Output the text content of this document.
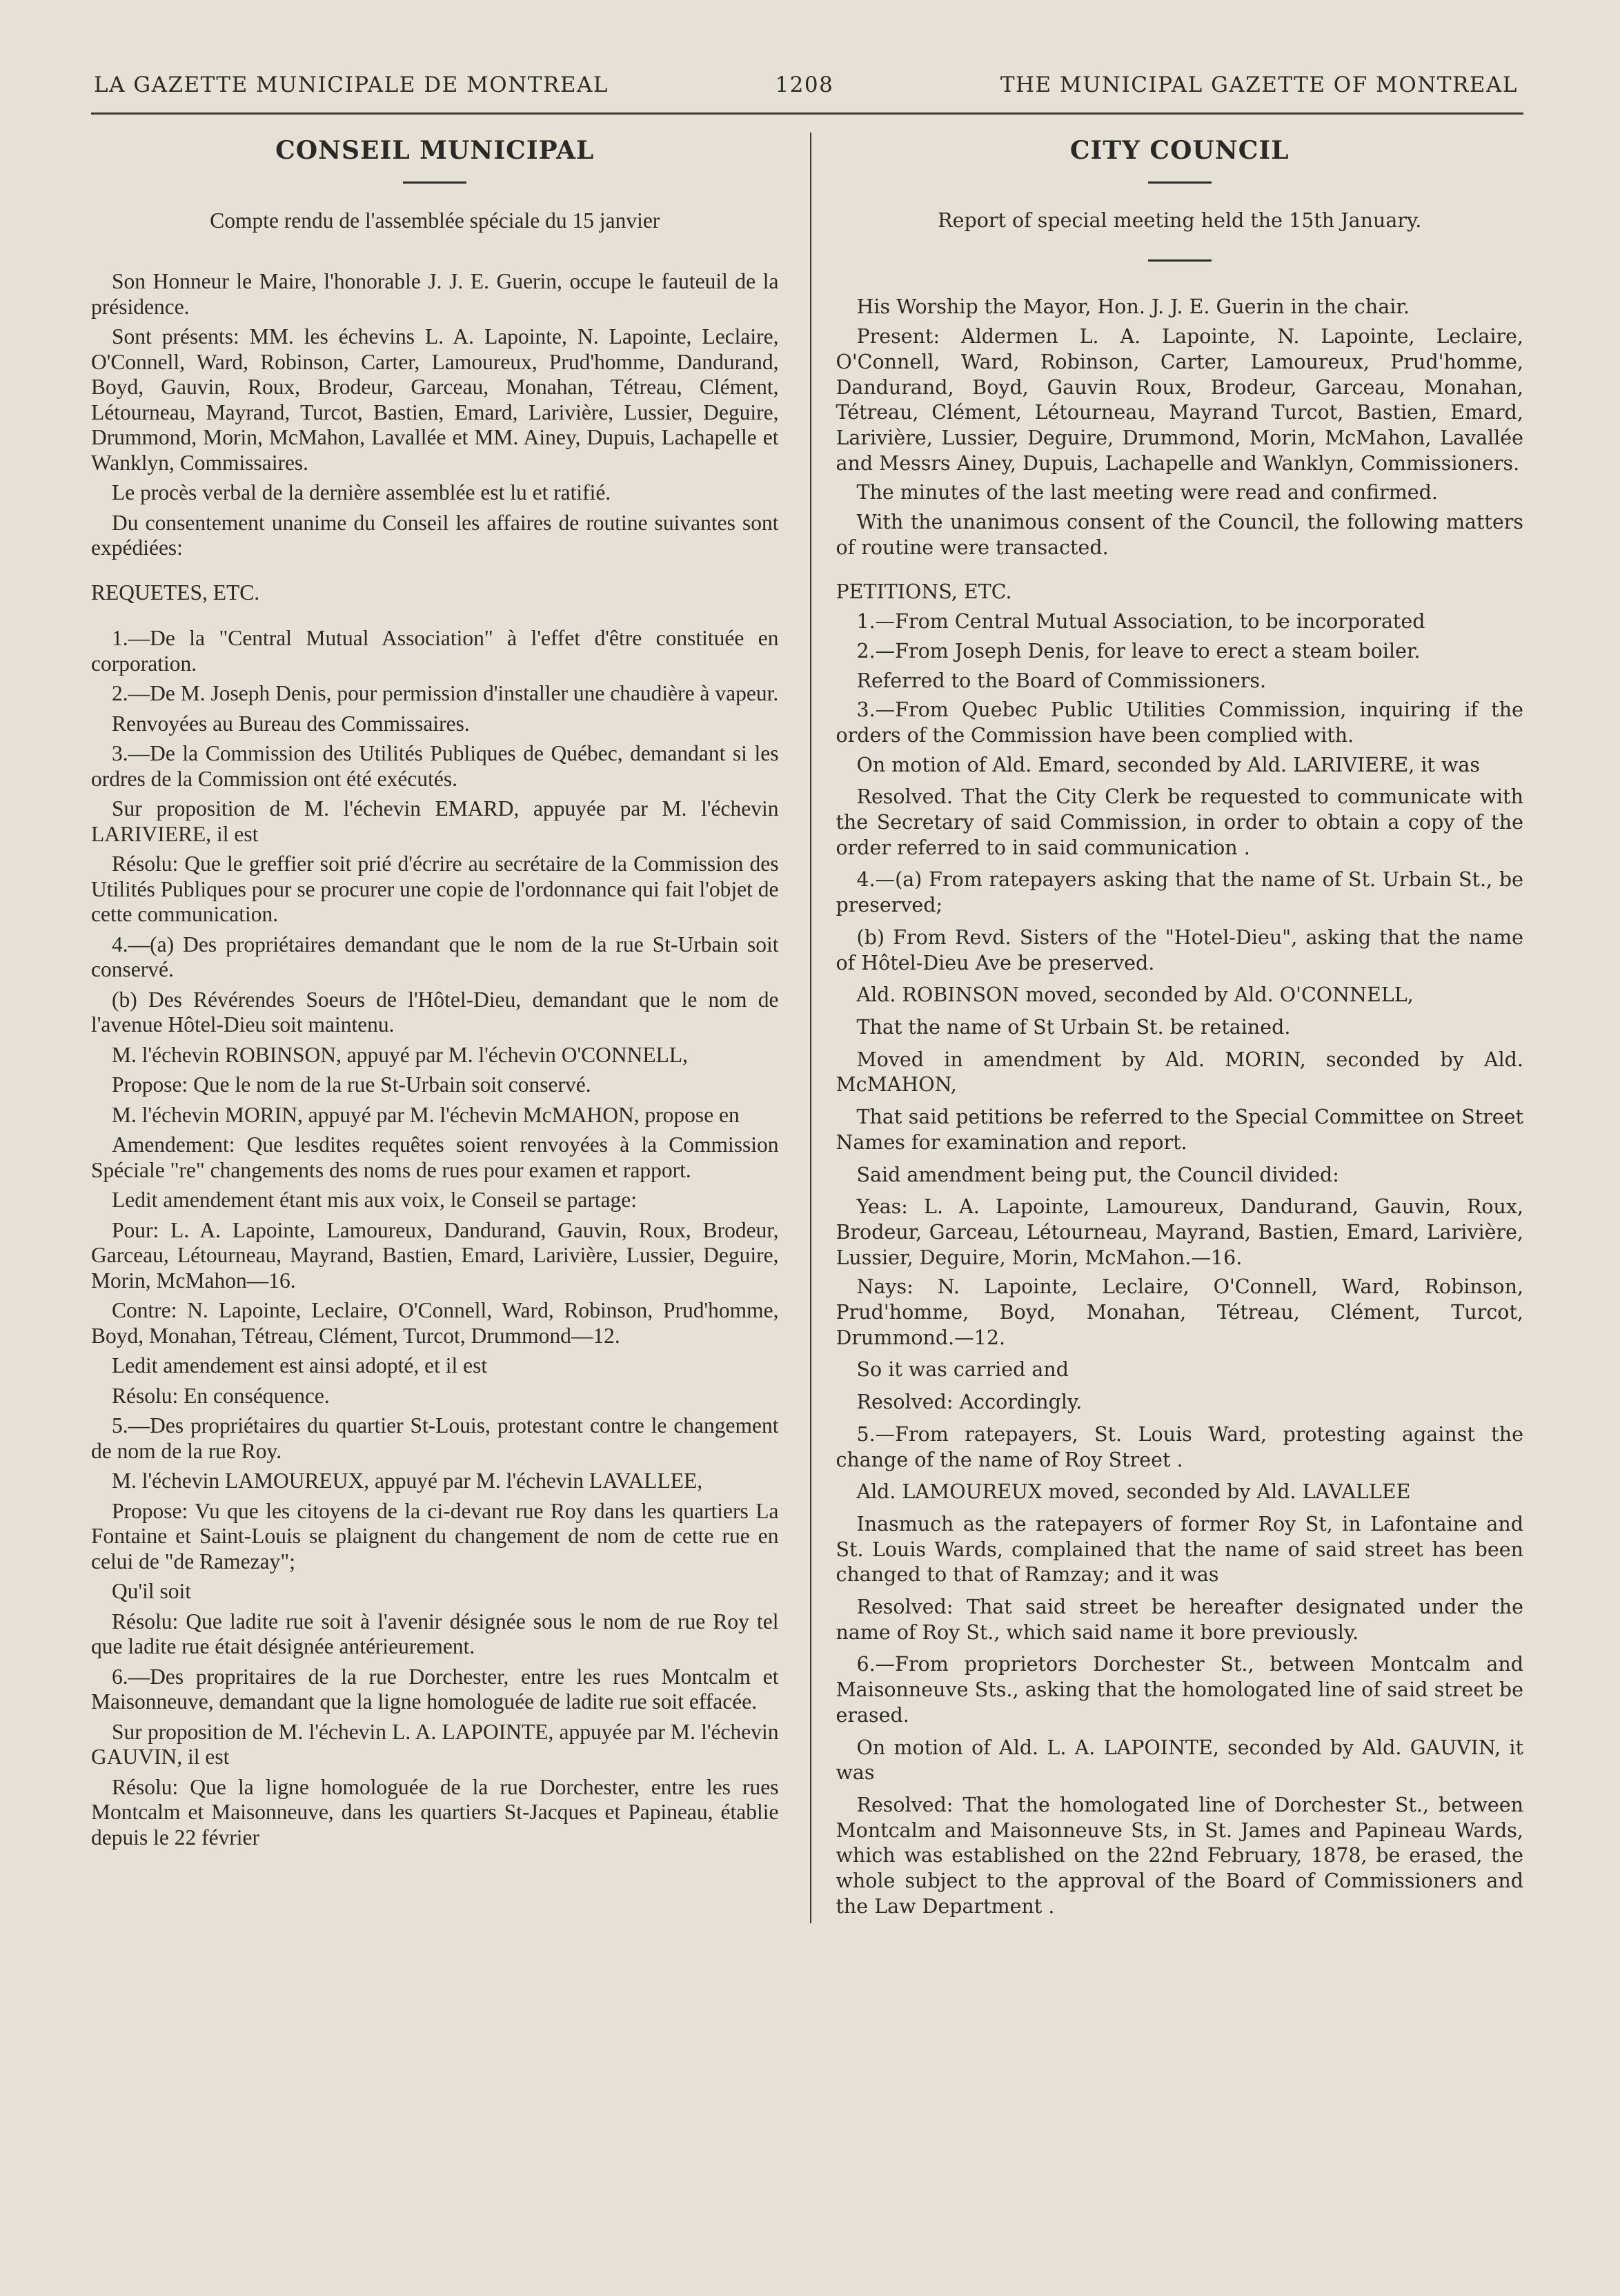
LA GAZETTE MUNICIPALE DE MONTREAL	1208	THE MUNICIPAL GAZETTE OF MONTREAL
CONSEIL MUNICIPAL

Compte rendu de l'assemblée spéciale du 15 janvier

Son Honneur le Maire, l'honorable J. J. E. Guerin, occupe le fauteuil de la présidence.

Sont présents: MM. les échevins L. A. Lapointe, N. Lapointe, Leclaire, O'Connell, Ward, Robinson, Carter, Lamoureux, Prud'homme, Dandurand, Boyd, Gauvin, Roux, Brodeur, Garceau, Monahan, Tétreau, Clément, Létourneau, Mayrand, Turcot, Bastien, Emard, Larivière, Lussier, Deguire, Drummond, Morin, McMahon, Lavallée et MM. Ainey, Dupuis, Lachapelle et Wanklyn, Commissaires.

Le procès verbal de la dernière assemblée est lu et ratifié.

Du consentement unanime du Conseil les affaires de routine suivantes sont expédiées:

REQUETES, ETC.

1.—De la "Central Mutual Association" à l'effet d'être constituée en corporation.

2.—De M. Joseph Denis, pour permission d'installer une chaudière à vapeur.

Renvoyées au Bureau des Commissaires.

3.—De la Commission des Utilités Publiques de Québec, demandant si les ordres de la Commission ont été exécutés.

Sur proposition de M. l'échevin EMARD, appuyée par M. l'échevin LARIVIERE, il est

Résolu: Que le greffier soit prié d'écrire au secrétaire de la Commission des Utilités Publiques pour se procurer une copie de l'ordonnance qui fait l'objet de cette communication.

4.—(a) Des propriétaires demandant que le nom de la rue St-Urbain soit conservé.

(b) Des Révérendes Soeurs de l'Hôtel-Dieu, demandant que le nom de l'avenue Hôtel-Dieu soit maintenu.

M. l'échevin ROBINSON, appuyé par M. l'échevin O'CONNELL,

Propose: Que le nom de la rue St-Urbain soit conservé.

M. l'échevin MORIN, appuyé par M. l'échevin McMAHON, propose en

Amendement: Que lesdites requêtes soient renvoyées à la Commission Spéciale "re" changements des noms de rues pour examen et rapport.

Ledit amendement étant mis aux voix, le Conseil se partage:

Pour: L. A. Lapointe, Lamoureux, Dandurand, Gauvin, Roux, Brodeur, Garceau, Létourneau, Mayrand, Bastien, Emard, Larivière, Lussier, Deguire, Morin, McMahon—16.

Contre: N. Lapointe, Leclaire, O'Connell, Ward, Robinson, Prud'homme, Boyd, Monahan, Tétreau, Clément, Turcot, Drummond—12.

Ledit amendement est ainsi adopté, et il est

Résolu: En conséquence.

5.—Des propriétaires du quartier St-Louis, protestant contre le changement de nom de la rue Roy.

M. l'échevin LAMOUREUX, appuyé par M. l'échevin LAVALLEE,

Propose: Vu que les citoyens de la ci-devant rue Roy dans les quartiers La Fontaine et Saint-Louis se plaignent du changement de nom de cette rue en celui de "de Ramezay";

Qu'il soit

Résolu: Que ladite rue soit à l'avenir désignée sous le nom de rue Roy tel que ladite rue était désignée antérieurement.

6.—Des propritaires de la rue Dorchester, entre les rues Montcalm et Maisonneuve, demandant que la ligne homologuée de ladite rue soit effacée.

Sur proposition de M. l'échevin L. A. LAPOINTE, appuyée par M. l'échevin GAUVIN, il est

Résolu: Que la ligne homologuée de la rue Dorchester, entre les rues Montcalm et Maisonneuve, dans les quartiers St-Jacques et Papineau, établie depuis le 22 février

CITY COUNCIL

Report of special meeting held the 15th January.

His Worship the Mayor, Hon. J. J. E. Guerin in the chair.

Present: Aldermen L. A. Lapointe, N. Lapointe, Leclaire, O'Connell, Ward, Robinson, Carter, Lamoureux, Prud'homme, Dandurand, Boyd, Gauvin Roux, Brodeur, Garceau, Monahan, Tétreau, Clément, Létourneau, Mayrand Turcot, Bastien, Emard, Larivière, Lussier, Deguire, Drummond, Morin, McMahon, Lavallée and Messrs Ainey, Dupuis, Lachapelle and Wanklyn, Commissioners.

The minutes of the last meeting were read and confirmed.

With the unanimous consent of the Council, the following matters of routine were transacted.

PETITIONS, ETC.

1.—From Central Mutual Association, to be incorporated

2.—From Joseph Denis, for leave to erect a steam boiler.

Referred to the Board of Commissioners.

3.—From Quebec Public Utilities Commission, inquiring if the orders of the Commission have been complied with.

On motion of Ald. Emard, seconded by Ald. LARIVIERE, it was

Resolved. That the City Clerk be requested to communicate with the Secretary of said Commission, in order to obtain a copy of the order referred to in said communication .

4.—(a) From ratepayers asking that the name of St. Urbain St., be preserved;

(b) From Revd. Sisters of the "Hotel-Dieu", asking that the name of Hôtel-Dieu Ave be preserved.

Ald. ROBINSON moved, seconded by Ald. O'CONNELL,

That the name of St Urbain St. be retained.

Moved in amendment by Ald. MORIN, seconded by Ald. McMAHON,

That said petitions be referred to the Special Committee on Street Names for examination and report.

Said amendment being put, the Council divided:

Yeas: L. A. Lapointe, Lamoureux, Dandurand, Gauvin, Roux, Brodeur, Garceau, Létourneau, Mayrand, Bastien, Emard, Larivière, Lussier, Deguire, Morin, McMahon.—16.

Nays: N. Lapointe, Leclaire, O'Connell, Ward, Robinson, Prud'homme, Boyd, Monahan, Tétreau, Clément, Turcot, Drummond.—12.

So it was carried and

Resolved: Accordingly.

5.—From ratepayers, St. Louis Ward, protesting against the change of the name of Roy Street .

Ald. LAMOUREUX moved, seconded by Ald. LAVALLEE

Inasmuch as the ratepayers of former Roy St, in Lafontaine and St. Louis Wards, complained that the name of said street has been changed to that of Ramzay; and it was

Resolved: That said street be hereafter designated under the name of Roy St., which said name it bore previously.

6.—From proprietors Dorchester St., between Montcalm and Maisonneuve Sts., asking that the homologated line of said street be erased.

On motion of Ald. L. A. LAPOINTE, seconded by Ald. GAUVIN, it was

Resolved: That the homologated line of Dorchester St., between Montcalm and Maisonneuve Sts, in St. James and Papineau Wards, which was established on the 22nd February, 1878, be erased, the whole subject to the approval of the Board of Commissioners and the Law Department .
